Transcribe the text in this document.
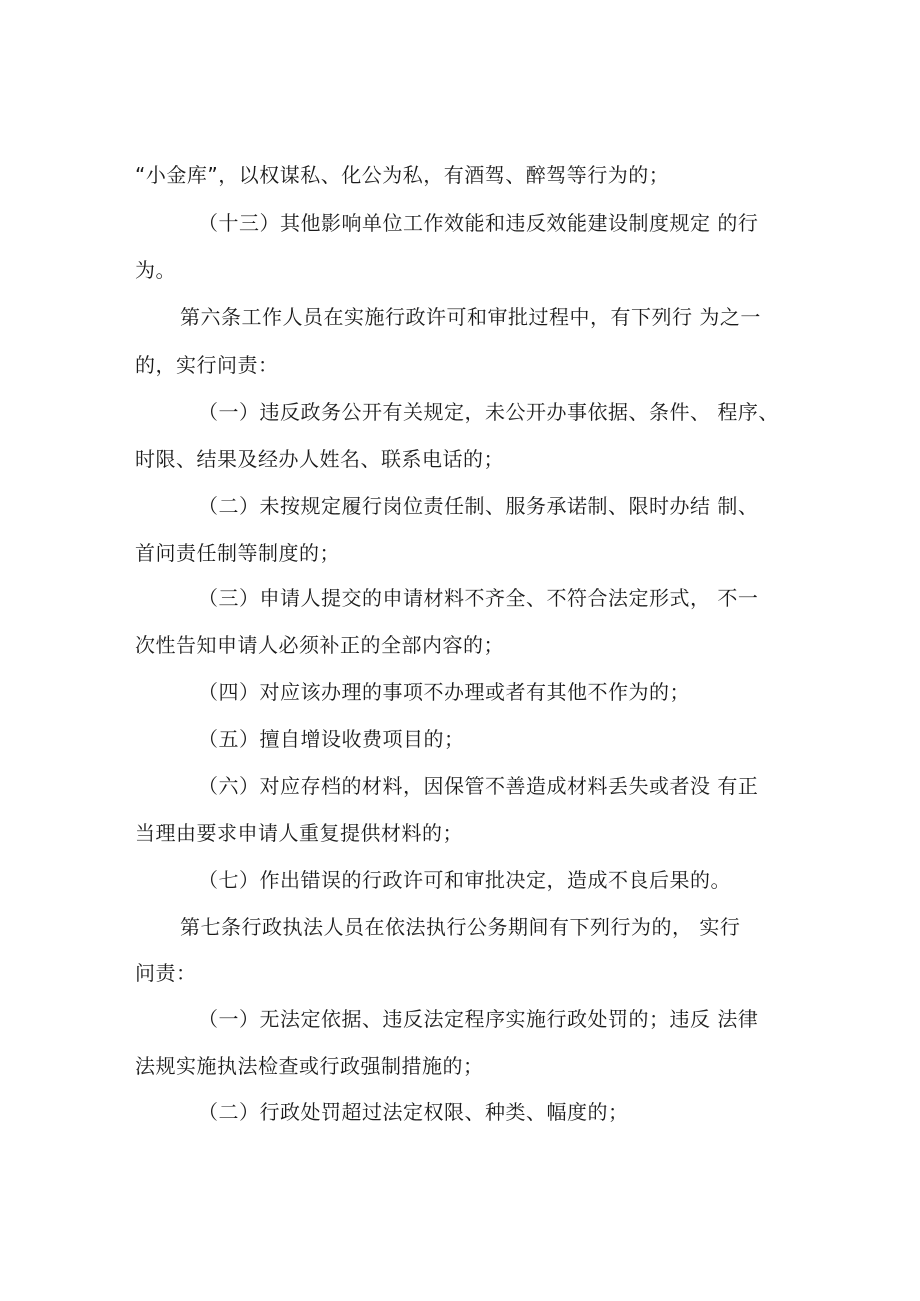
“小金库”，以权谋私、化公为私，有酒驾、醉驾等行为的；
（十三）其他影响单位工作效能和违反效能建设制度规定 的行
为。
第六条工作人员在实施行政许可和审批过程中，有下列行 为之一
的，实行问责：
（一）违反政务公开有关规定，未公开办事依据、条件、 程序、
时限、结果及经办人姓名、联系电话的；
（二）未按规定履行岗位责任制、服务承诺制、限时办结 制、
首问责任制等制度的；
（三）申请人提交的申请材料不齐全、不符合法定形式， 不一
次性告知申请人必须补正的全部内容的；
（四）对应该办理的事项不办理或者有其他不作为的；
（五）擅自增设收费项目的；
（六）对应存档的材料，因保管不善造成材料丢失或者没 有正
当理由要求申请人重复提供材料的；
（七）作出错误的行政许可和审批决定，造成不良后果的。
第七条行政执法人员在依法执行公务期间有下列行为的， 实行
问责：
（一）无法定依据、违反法定程序实施行政处罚的；违反 法律
法规实施执法检查或行政强制措施的；
（二）行政处罚超过法定权限、种类、幅度的；
